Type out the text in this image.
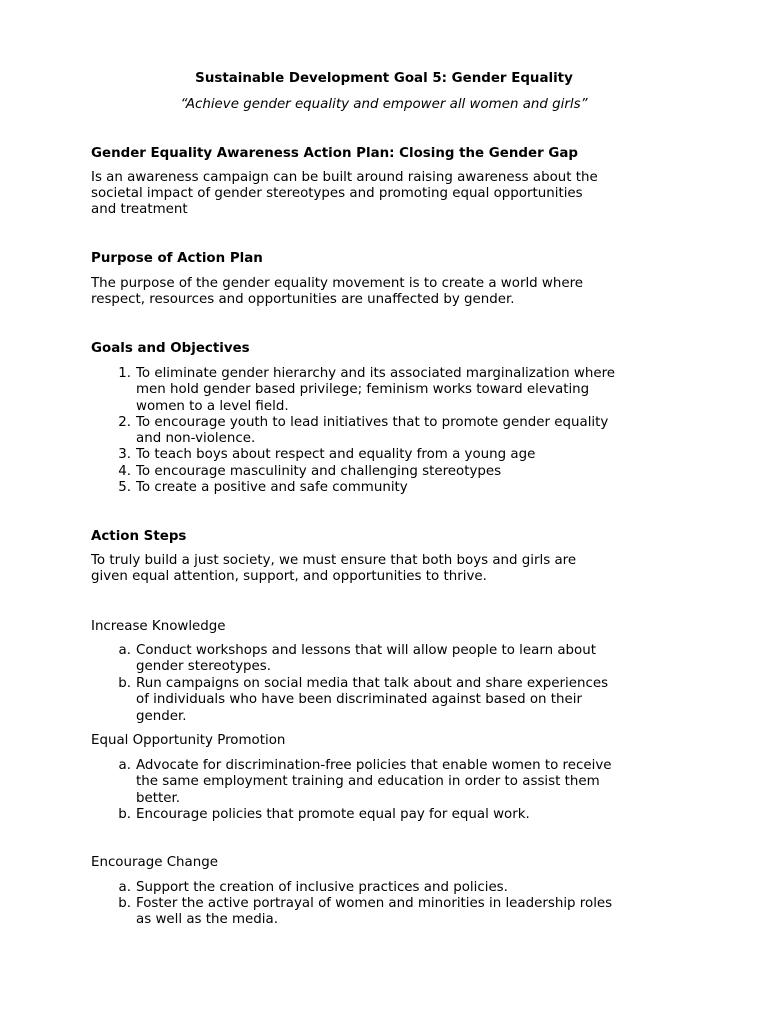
Sustainable Development Goal 5: Gender Equality
“Achieve gender equality and empower all women and girls”
Gender Equality Awareness Action Plan: Closing the Gender Gap
Is an awareness campaign can be built around raising awareness about the
societal impact of gender stereotypes and promoting equal opportunities
and treatment
Purpose of Action Plan
The purpose of the gender equality movement is to create a world where
respect, resources and opportunities are unaffected by gender.
Goals and Objectives
1. To eliminate gender hierarchy and its associated marginalization where
men hold gender based privilege; feminism works toward elevating
women to a level field.
2. To encourage youth to lead initiatives that to promote gender equality
and non-violence.
3. To teach boys about respect and equality from a young age
4. To encourage masculinity and challenging stereotypes
5. To create a positive and safe community
Action Steps
To truly build a just society, we must ensure that both boys and girls are
given equal attention, support, and opportunities to thrive.
Increase Knowledge
a. Conduct workshops and lessons that will allow people to learn about
gender stereotypes.
b. Run campaigns on social media that talk about and share experiences
of individuals who have been discriminated against based on their
gender.
Equal Opportunity Promotion
a. Advocate for discrimination-free policies that enable women to receive
the same employment training and education in order to assist them
better.
b. Encourage policies that promote equal pay for equal work.
Encourage Change
a. Support the creation of inclusive practices and policies.
b. Foster the active portrayal of women and minorities in leadership roles
as well as the media.
